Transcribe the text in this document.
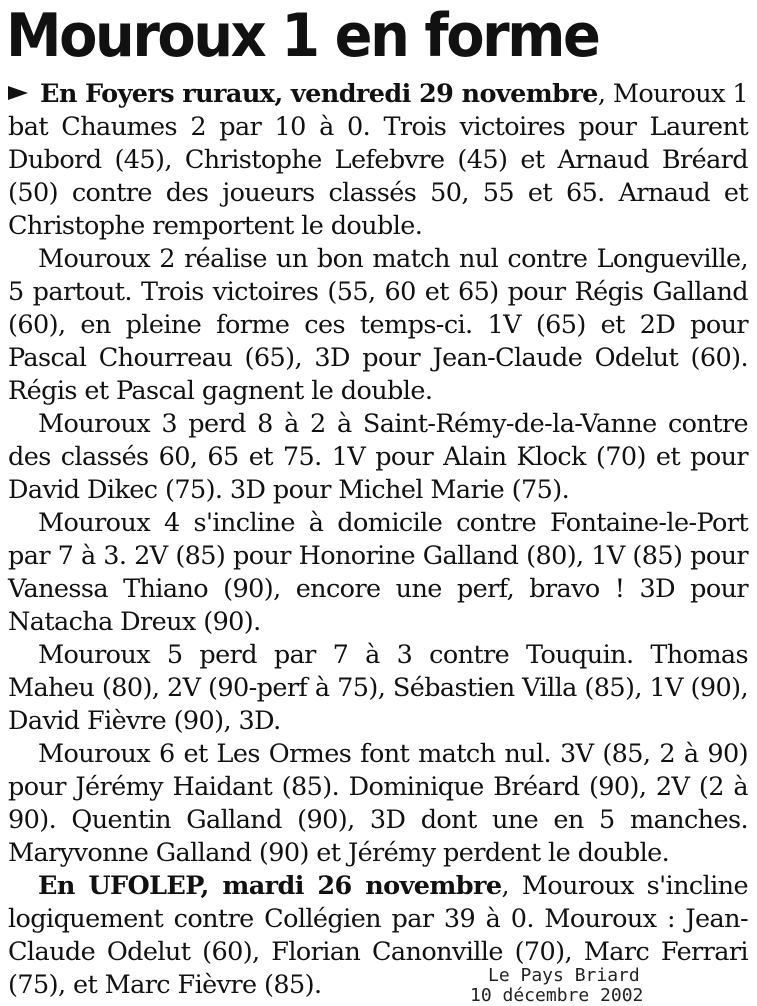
Mouroux 1 en forme

En Foyers ruraux, vendredi 29 novembre, Mouroux 1 bat Chaumes 2 par 10 à 0. Trois victoires pour Laurent Dubord (45), Christophe Lefebvre (45) et Arnaud Bréard (50) contre des joueurs classés 50, 55 et 65. Arnaud et Christophe remportent le double.

Mouroux 2 réalise un bon match nul contre Longueville, 5 partout. Trois victoires (55, 60 et 65) pour Régis Galland (60), en pleine forme ces temps-ci. 1V (65) et 2D pour Pascal Chourreau (65), 3D pour Jean-Claude Odelut (60). Régis et Pascal gagnent le double.

Mouroux 3 perd 8 à 2 à Saint-Rémy-de-la-Vanne contre des classés 60, 65 et 75. 1V pour Alain Klock (70) et pour David Dikec (75). 3D pour Michel Marie (75).

Mouroux 4 s'incline à domicile contre Fontaine-le-Port par 7 à 3. 2V (85) pour Honorine Galland (80), 1V (85) pour Vanessa Thiano (90), encore une perf, bravo ! 3D pour Natacha Dreux (90).

Mouroux 5 perd par 7 à 3 contre Touquin. Thomas Maheu (80), 2V (90-perf à 75), Sébastien Villa (85), 1V (90), David Fièvre (90), 3D.

Mouroux 6 et Les Ormes font match nul. 3V (85, 2 à 90) pour Jérémy Haidant (85). Dominique Bréard (90), 2V (2 à 90). Quentin Galland (90), 3D dont une en 5 manches. Maryvonne Galland (90) et Jérémy perdent le double.

En UFOLEP, mardi 26 novembre, Mouroux s'incline logiquement contre Collégien par 39 à 0. Mouroux : Jean-Claude Odelut (60), Florian Canonville (70), Marc Ferrari (75), et Marc Fièvre (85).	Le Pays Briard
10 décembre 2002
